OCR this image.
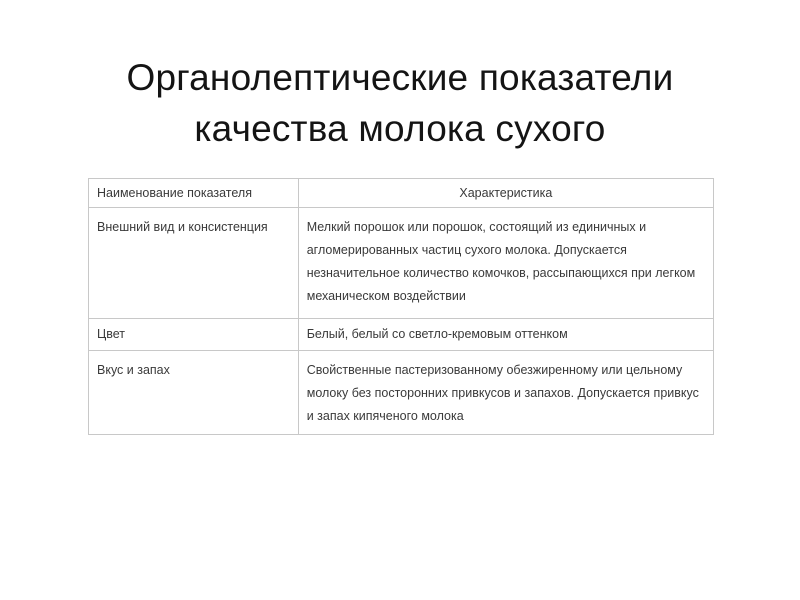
Органолептические показатели
качества молока сухого
Наименование показателя	Характеристика
Внешний вид и консистенция	Мелкий порошок или порошок, состоящий из единичных и агломерированных частиц сухого молока. Допускается незначительное количество комочков, рассыпающихся при легком механическом воздействии
Цвет	Белый, белый со светло-кремовым оттенком
Вкус и запах	Свойственные пастеризованному обезжиренному или цельному молоку без посторонних привкусов и запахов. Допускается привкус и запах кипяченого молока
